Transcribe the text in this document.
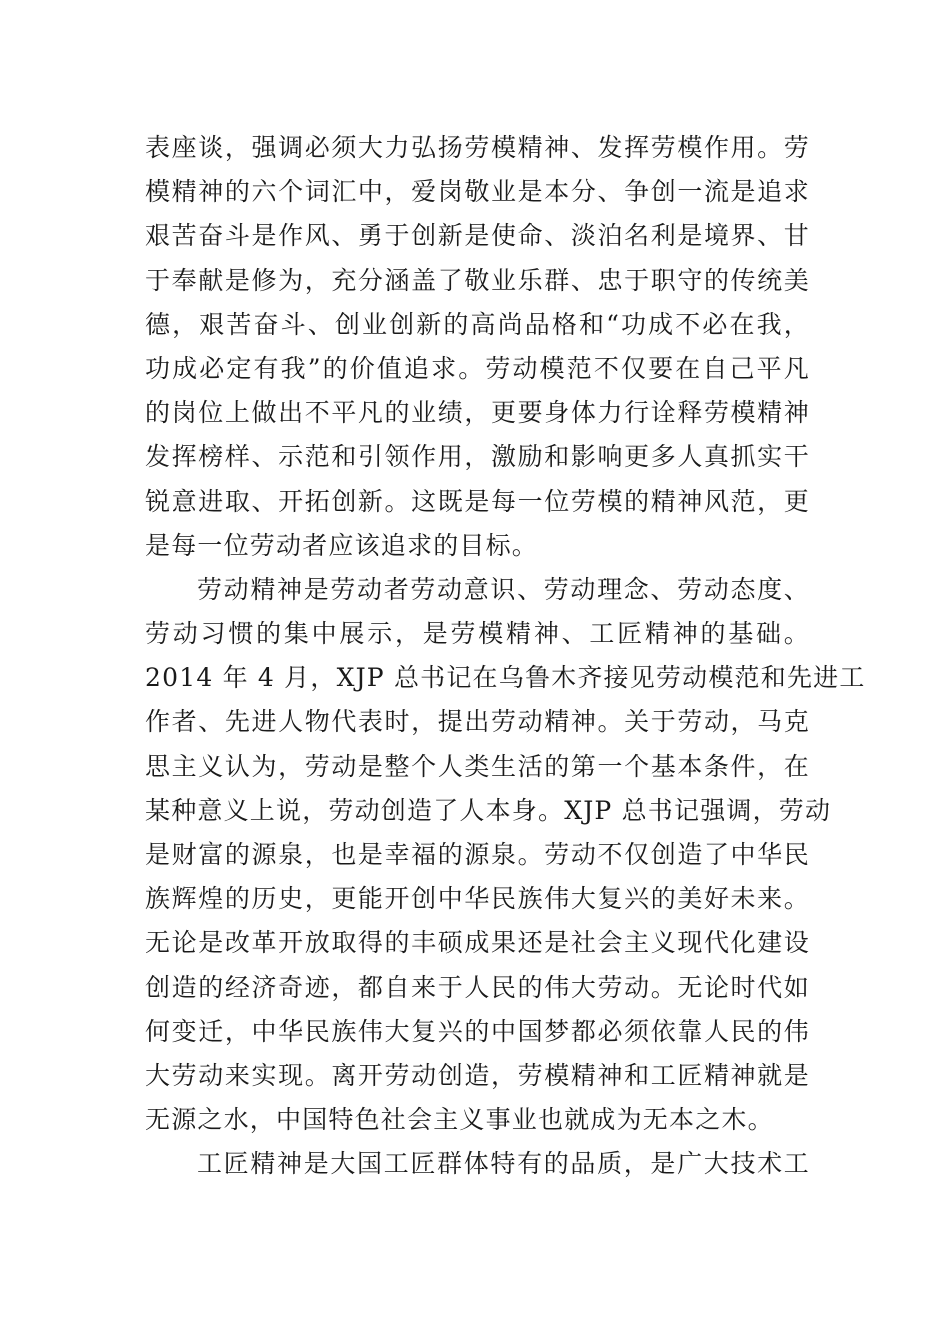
表座谈，强调必须大力弘扬劳模精神、发挥劳模作用。劳
模精神的六个词汇中，爱岗敬业是本分、争创一流是追求
艰苦奋斗是作风、勇于创新是使命、淡泊名利是境界、甘
于奉献是修为，充分涵盖了敬业乐群、忠于职守的传统美
德，艰苦奋斗、创业创新的高尚品格和“功成不必在我，
功成必定有我”的价值追求。劳动模范不仅要在自己平凡
的岗位上做出不平凡的业绩，更要身体力行诠释劳模精神
发挥榜样、示范和引领作用，激励和影响更多人真抓实干
锐意进取、开拓创新。这既是每一位劳模的精神风范，更
是每一位劳动者应该追求的目标。
劳动精神是劳动者劳动意识、劳动理念、劳动态度、
劳动习惯的集中展示，是劳模精神、工匠精神的基础。
2014 年 4 月，XJP 总书记在乌鲁木齐接见劳动模范和先进工
作者、先进人物代表时，提出劳动精神。关于劳动，马克
思主义认为，劳动是整个人类生活的第一个基本条件，在
某种意义上说，劳动创造了人本身。XJP 总书记强调，劳动
是财富的源泉，也是幸福的源泉。劳动不仅创造了中华民
族辉煌的历史，更能开创中华民族伟大复兴的美好未来。
无论是改革开放取得的丰硕成果还是社会主义现代化建设
创造的经济奇迹，都自来于人民的伟大劳动。无论时代如
何变迁，中华民族伟大复兴的中国梦都必须依靠人民的伟
大劳动来实现。离开劳动创造，劳模精神和工匠精神就是
无源之水，中国特色社会主义事业也就成为无本之木。
工匠精神是大国工匠群体特有的品质，是广大技术工
